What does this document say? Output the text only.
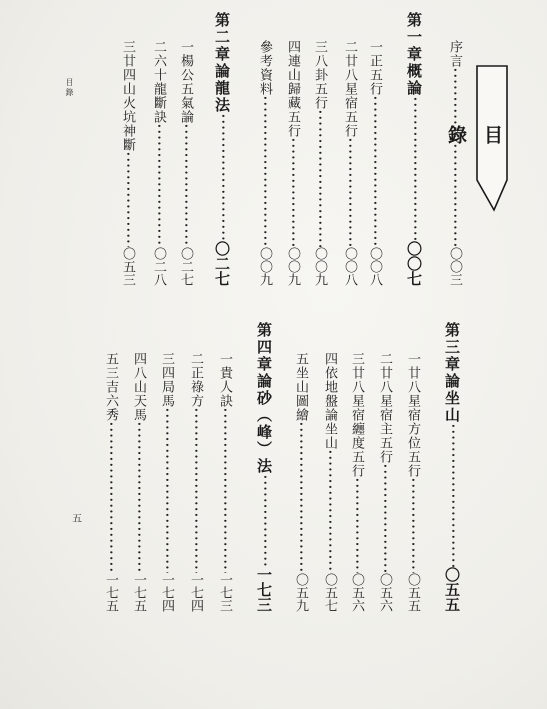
目錄
五
目　錄
序言
•••••
〇〇三
第一章概論
•••••
〇〇七
一正五行
•••••
〇〇八
二廿八星宿五行
•••••
〇〇八
三八卦五行
•••••
〇〇九
四連山歸藏五行
•••••
〇〇九
參考資料
•••••
〇〇九
第二章論龍法
•••••
〇二七
一楊公五氣論
•••••
〇二七
二六十龍斷訣
•••••
〇二八
三廿四山火坑神斷
•••••
〇五三
第三章論坐山
•••••
〇五五
一廿八星宿方位五行
•••••
〇五五
二廿八星宿主五行
•••••
〇五六
三廿八星宿纏度五行
•••••
〇五六
四依地盤論坐山
•••••
〇五七
五坐山圖繪
•••••
〇五九
第四章論砂（峰）法
•••••
一七三
一貴人訣
•••••
一七三
二正祿方
•••••
一七四
三四局馬
•••••
一七四
四八山天馬
•••••
一七五
五三吉六秀
•••••
一七五
